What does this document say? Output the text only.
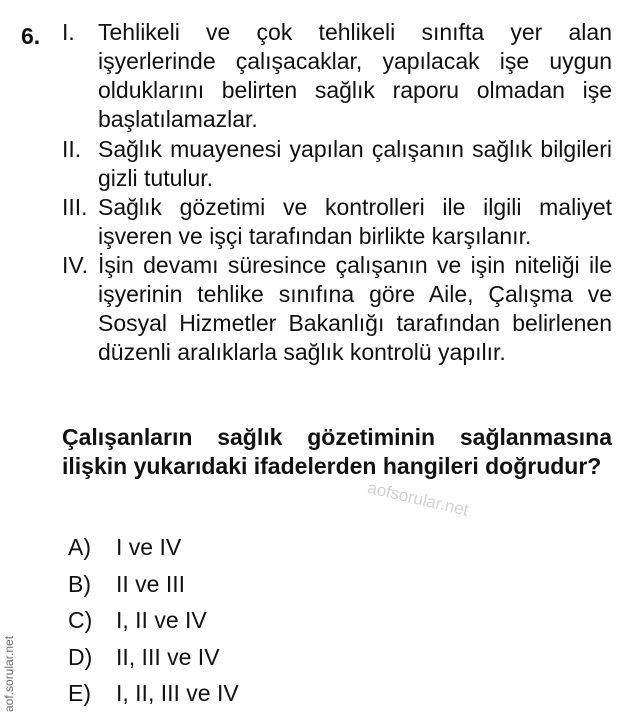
6. I.	Tehlikeli ve çok tehlikeli sınıfta yer alan işyerlerinde çalışacaklar, yapılacak işe uygun olduklarını belirten sağlık raporu olmadan işe başlatılamazlar.
II. Sağlık muayenesi yapılan çalışanın sağlık bilgileri gizli tutulur.
III. Sağlık gözetimi ve kontrolleri ile ilgili maliyet işveren ve işçi tarafından birlikte karşılanır.
IV. İşin devamı süresince çalışanın ve işin niteliği ile işyerinin tehlike sınıfına göre Aile, Çalışma ve Sosyal Hizmetler Bakanlığı tarafından belirlenen düzenli aralıklarla sağlık kontrolü yapılır.
Çalışanların sağlık gözetiminin sağlanmasına ilişkin yukarıdaki ifadelerden hangileri doğrudur?
aofsorular.net
A) I ve IV
B) II ve III
C) I, II ve IV
D) II, III ve IV
E) I, II, III ve IV
aof.sorular.net
